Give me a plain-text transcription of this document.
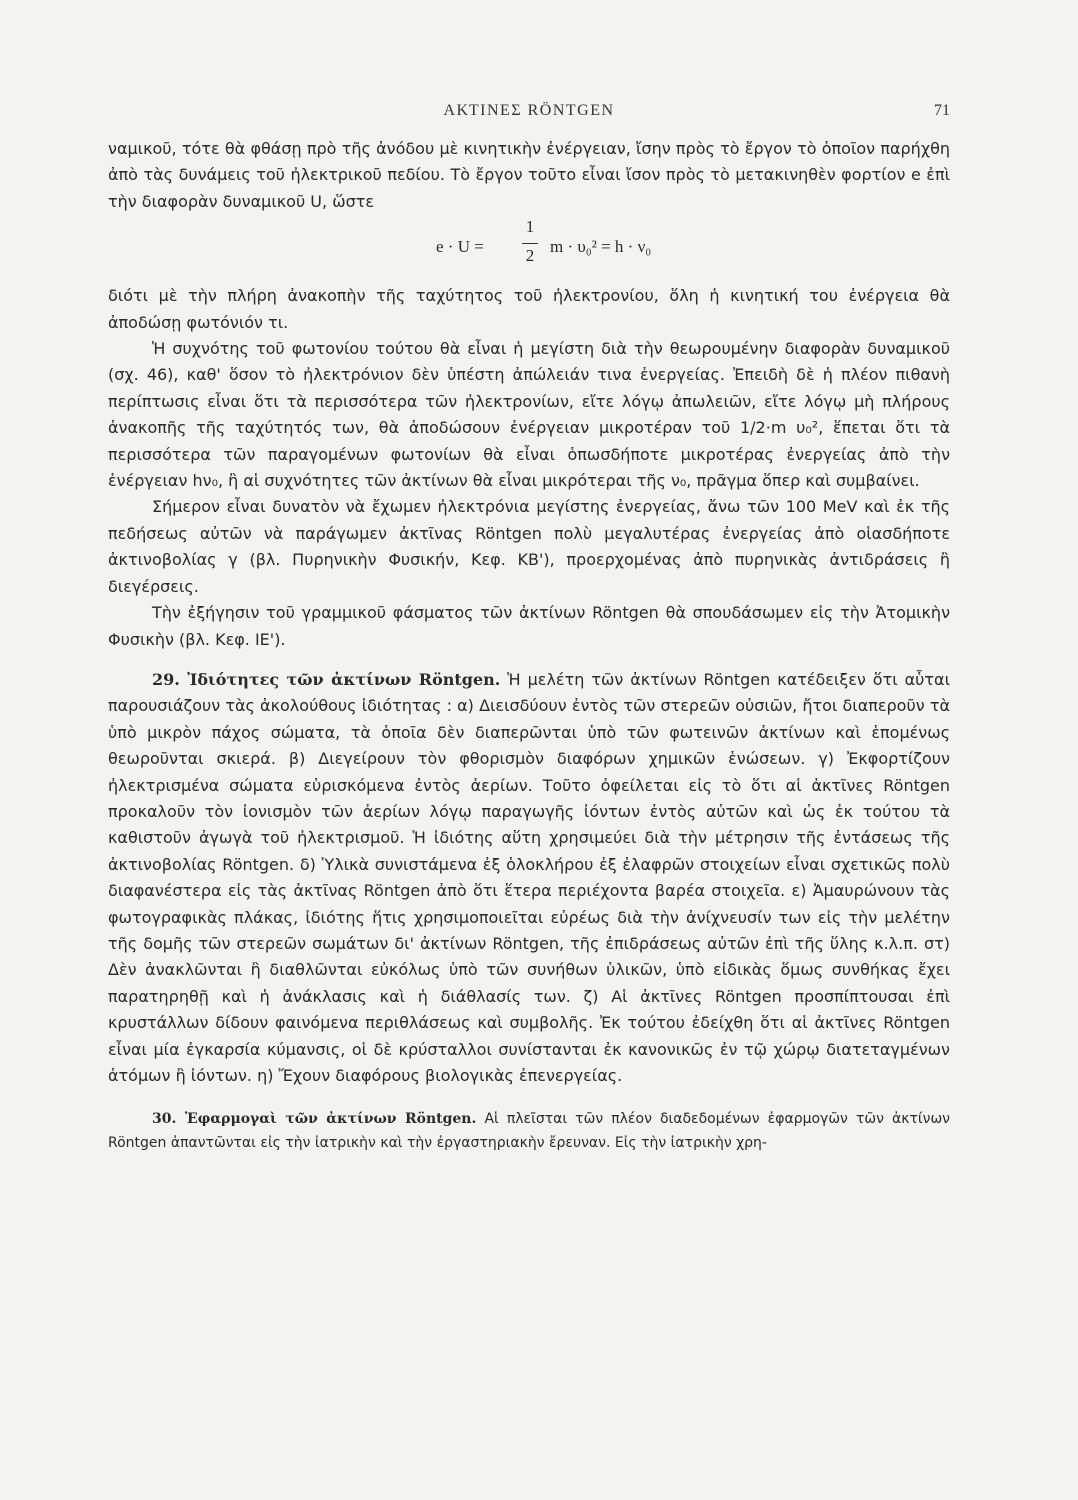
ΑΚΤΙΝΕΣ RÖNTGEN	71

ναμικοῦ, τότε θὰ φθάσῃ πρὸ τῆς ἀνόδου μὲ κινητικὴν ἐνέργειαν, ἴσην πρὸς τὸ ἔργον τὸ ὁποῖον παρήχθη ἀπὸ τὰς δυνάμεις τοῦ ἠλεκτρικοῦ πεδίου. Τὸ ἔργον τοῦτο εἶναι ἴσον πρὸς τὸ μετακινηθὲν φορτίον e ἐπὶ τὴν διαφορὰν δυναμικοῦ U, ὥστε

e · U =
1
2 m · υ₀² = h · ν₀

διότι μὲ τὴν πλήρη ἀνακοπὴν τῆς ταχύτητος τοῦ ἠλεκτρονίου, ὅλη ἡ κινητική του ἐνέργεια θὰ ἀποδώσῃ φωτόνιόν τι.

Ἡ συχνότης τοῦ φωτονίου τούτου θὰ εἶναι ἡ μεγίστη διὰ τὴν θεωρουμένην διαφορὰν δυναμικοῦ (σχ. 46), καθ' ὅσον τὸ ἠλεκτρόνιον δὲν ὑπέστη ἀπώλειάν τινα ἐνεργείας. Ἐπειδὴ δὲ ἡ πλέον πιθανὴ περίπτωσις εἶναι ὅτι τὰ περισσότερα τῶν ἠλεκτρονίων, εἴτε λόγῳ ἀπωλειῶν, εἴτε λόγῳ μὴ πλήρους ἀνακοπῆς τῆς ταχύτητός των, θὰ ἀποδώσουν ἐνέργειαν μικροτέραν τοῦ 1/2·m υ₀², ἕπεται ὅτι τὰ περισσότερα τῶν παραγομένων φωτονίων θὰ εἶναι ὁπωσδήποτε μικροτέρας ἐνεργείας ἀπὸ τὴν ἐνέργειαν hν₀, ἢ αἱ συχνότητες τῶν ἀκτίνων θὰ εἶναι μικρότεραι τῆς ν₀, πρᾶγμα ὅπερ καὶ συμβαίνει.

Σήμερον εἶναι δυνατὸν νὰ ἔχωμεν ἠλεκτρόνια μεγίστης ἐνεργείας, ἄνω τῶν 100 MeV καὶ ἐκ τῆς πεδήσεως αὐτῶν νὰ παράγωμεν ἀκτῖνας Röntgen πολὺ μεγαλυτέρας ἐνεργείας ἀπὸ οἱασδήποτε ἀκτινοβολίας γ (βλ. Πυρηνικὴν Φυσικήν, Κεφ. ΚΒ'), προερχομένας ἀπὸ πυρηνικὰς ἀντιδράσεις ἢ διεγέρσεις.

Τὴν ἐξήγησιν τοῦ γραμμικοῦ φάσματος τῶν ἀκτίνων Röntgen θὰ σπουδάσωμεν εἰς τὴν Ἀτομικὴν Φυσικὴν (βλ. Κεφ. ΙΕ').

29. Ἰδιότητες τῶν ἀκτίνων Röntgen. Ἡ μελέτη τῶν ἀκτίνων Röntgen κατέδειξεν ὅτι αὗται παρουσιάζουν τὰς ἀκολούθους ἰδιότητας : α) Διεισδύουν ἐντὸς τῶν στερεῶν οὐσιῶν, ἤτοι διαπεροῦν τὰ ὑπὸ μικρὸν πάχος σώματα, τὰ ὁποῖα δὲν διαπερῶνται ὑπὸ τῶν φωτεινῶν ἀκτίνων καὶ ἑπομένως θεωροῦνται σκιερά. β) Διεγείρουν τὸν φθορισμὸν διαφόρων χημικῶν ἑνώσεων. γ) Ἐκφορτίζουν ἠλεκτρισμένα σώματα εὑρισκόμενα ἐντὸς ἀερίων. Τοῦτο ὀφείλεται εἰς τὸ ὅτι αἱ ἀκτῖνες Röntgen προκαλοῦν τὸν ἰονισμὸν τῶν ἀερίων λόγῳ παραγωγῆς ἰόντων ἐντὸς αὐτῶν καὶ ὡς ἐκ τούτου τὰ καθιστοῦν ἀγωγὰ τοῦ ἠλεκτρισμοῦ. Ἡ ἰδιότης αὕτη χρησιμεύει διὰ τὴν μέτρησιν τῆς ἐντάσεως τῆς ἀκτινοβολίας Röntgen. δ) Ὑλικὰ συνιστάμενα ἐξ ὁλοκλήρου ἐξ ἐλαφρῶν στοιχείων εἶναι σχετικῶς πολὺ διαφανέστερα εἰς τὰς ἀκτῖνας Röntgen ἀπὸ ὅτι ἕτερα περιέχοντα βαρέα στοιχεῖα. ε) Ἀμαυρώνουν τὰς φωτογραφικὰς πλάκας, ἰδιότης ἥτις χρησιμοποιεῖται εὐρέως διὰ τὴν ἀνίχνευσίν των εἰς τὴν μελέτην τῆς δομῆς τῶν στερεῶν σωμάτων δι' ἀκτίνων Röntgen, τῆς ἐπιδράσεως αὐτῶν ἐπὶ τῆς ὕλης κ.λ.π. στ) Δὲν ἀνακλῶνται ἢ διαθλῶνται εὐκόλως ὑπὸ τῶν συνήθων ὑλικῶν, ὑπὸ εἰδικὰς ὅμως συνθήκας ἔχει παρατηρηθῇ καὶ ἡ ἀνάκλασις καὶ ἡ διάθλασίς των. ζ) Αἱ ἀκτῖνες Röntgen προσπίπτουσαι ἐπὶ κρυστάλλων δίδουν φαινόμενα περιθλάσεως καὶ συμβολῆς. Ἐκ τούτου ἐδείχθη ὅτι αἱ ἀκτῖνες Röntgen εἶναι μία ἐγκαρσία κύμανσις, οἱ δὲ κρύσταλλοι συνίστανται ἐκ κανονικῶς ἐν τῷ χώρῳ διατεταγμένων ἀτόμων ἢ ἰόντων. η) Ἔχουν διαφόρους βιολογικὰς ἐπενεργείας.

30. Ἐφαρμογαὶ τῶν ἀκτίνων Röntgen. Αἱ πλεῖσται τῶν πλέον διαδεδομένων ἐφαρμογῶν τῶν ἀκτίνων Röntgen ἀπαντῶνται εἰς τὴν ἰατρικὴν καὶ τὴν ἐργαστηριακὴν ἔρευναν. Εἰς τὴν ἰατρικὴν χρη-
